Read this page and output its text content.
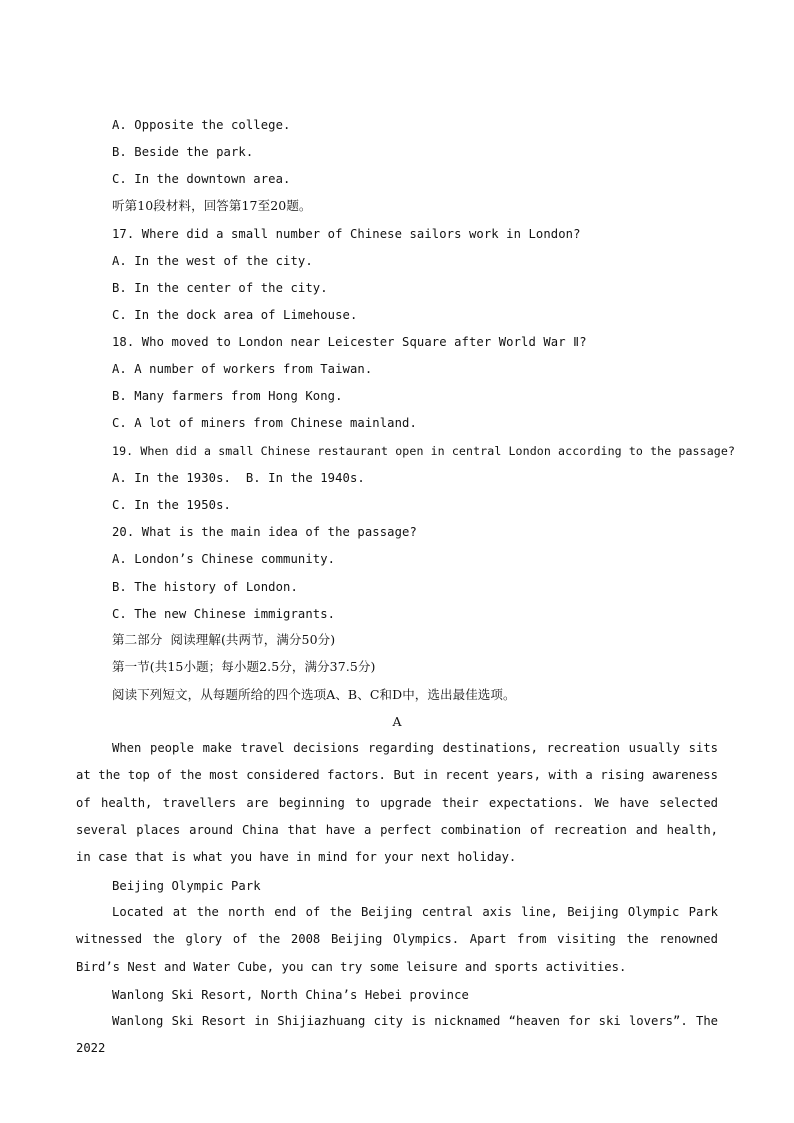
A. Opposite the college.
B. Beside the park.
C. In the downtown area.
听第10段材料，回答第17至20题。
17. Where did a small number of Chinese sailors work in London?
A. In the west of the city.
B. In the center of the city.
C. In the dock area of Limehouse.
18. Who moved to London near Leicester Square after World War Ⅱ?
A. A number of workers from Taiwan.
B. Many farmers from Hong Kong.
C. A lot of miners from Chinese mainland.
19. When did a small Chinese restaurant open in central London according to the passage?
A. In the 1930s.  B. In the 1940s.
C. In the 1950s.
20. What is the main idea of the passage?
A. London’s Chinese community.
B. The history of London.
C. The new Chinese immigrants.
第二部分  阅读理解(共两节，满分50分)
第一节(共15小题；每小题2.5分，满分37.5分)
阅读下列短文，从每题所给的四个选项A、B、C和D中，选出最佳选项。
A
When people make travel decisions regarding destinations, recreation usually sits at the top of the most considered factors. But in recent years, with a rising awareness of health, travellers are beginning to upgrade their expectations. We have selected several places around China that have a perfect combination of recreation and health, in case that is what you have in mind for your next holiday.
Beijing Olympic Park
Located at the north end of the Beijing central axis line, Beijing Olympic Park witnessed the glory of the 2008 Beijing Olympics. Apart from visiting the renowned Bird’s Nest and Water Cube, you can try some leisure and sports activities.
Wanlong Ski Resort, North China’s Hebei province
Wanlong Ski Resort in Shijiazhuang city is nicknamed “heaven for ski lovers”. The 2022
